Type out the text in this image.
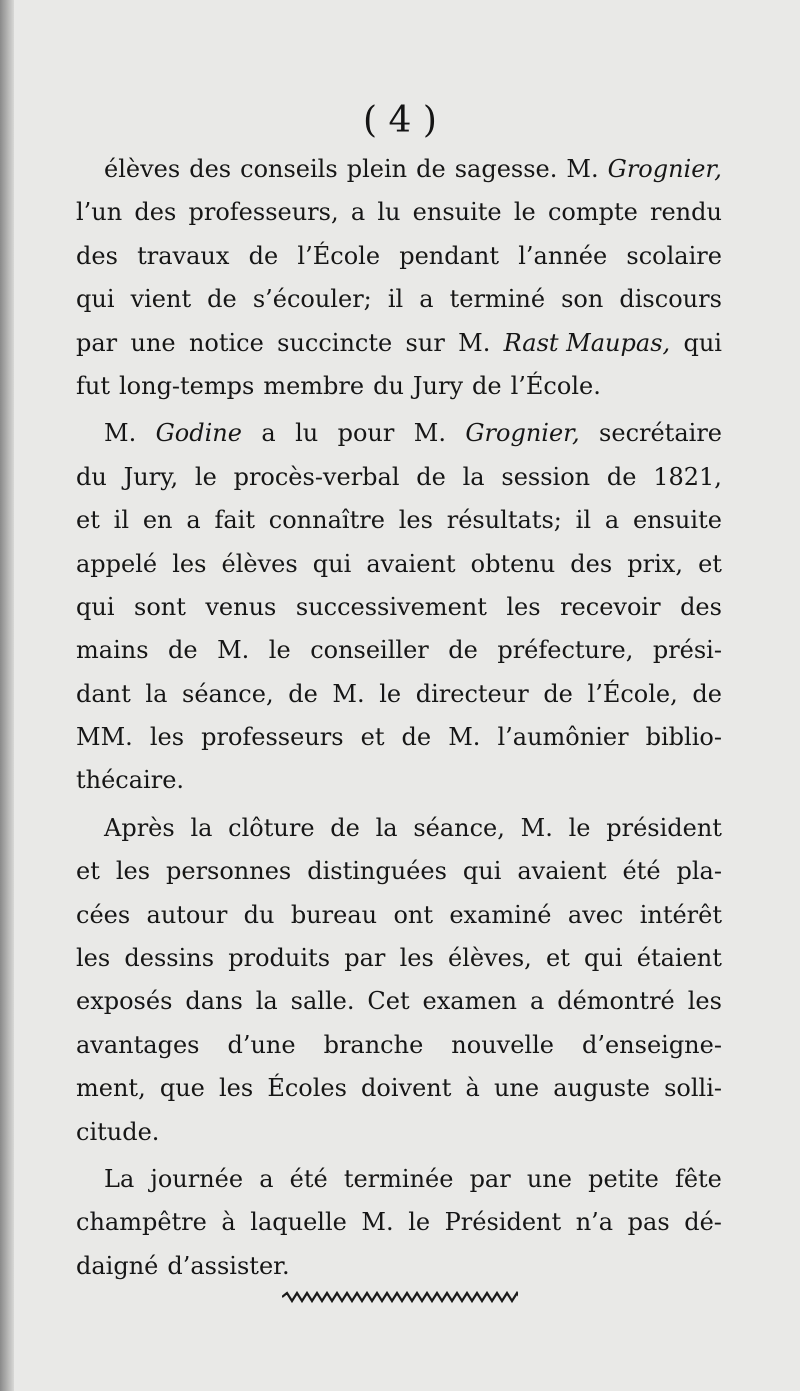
( 4 )
élèves des conseils plein de sagesse. M. Grognier,
l’un des professeurs, a lu ensuite le compte rendu
des travaux de l’École pendant l’année scolaire
qui vient de s’écouler; il a terminé son discours
par une notice succincte sur M. Rast Maupas, qui
fut long-temps membre du Jury de l’École.
M. Godine a lu pour M. Grognier, secrétaire
du Jury, le procès-verbal de la session de 1821,
et il en a fait connaître les résultats; il a ensuite
appelé les élèves qui avaient obtenu des prix, et
qui sont venus successivement les recevoir des
mains de M. le conseiller de préfecture, prési-
dant la séance, de M. le directeur de l’École, de
MM. les professeurs et de M. l’aumônier biblio-
thécaire.
Après la clôture de la séance, M. le président
et les personnes distinguées qui avaient été pla-
cées autour du bureau ont examiné avec intérêt
les dessins produits par les élèves, et qui étaient
exposés dans la salle. Cet examen a démontré les
avantages d’une branche nouvelle d’enseigne-
ment, que les Écoles doivent à une auguste solli-
citude.
La journée a été terminée par une petite fête
champêtre à laquelle M. le Président n’a pas dé-
daigné d’assister.
